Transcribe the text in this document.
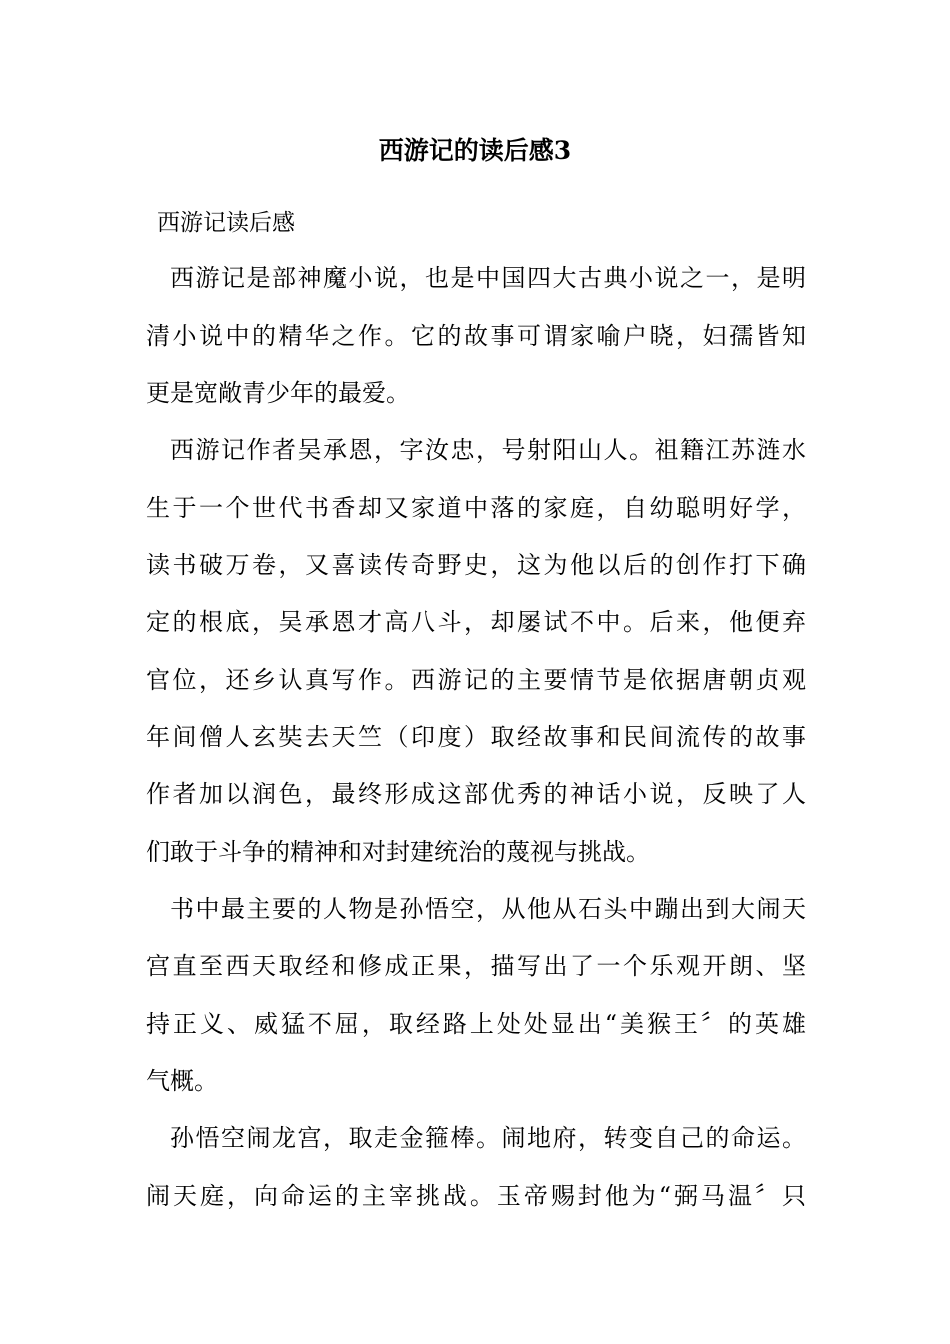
西游记的读后感3
西游记读后感
西游记是部神魔小说，也是中国四大古典小说之一，是明
清小说中的精华之作。它的故事可谓家喻户晓，妇孺皆知
更是宽敞青少年的最爱。
西游记作者吴承恩，字汝忠，号射阳山人。祖籍江苏涟水
生于一个世代书香却又家道中落的家庭，自幼聪明好学，
读书破万卷，又喜读传奇野史，这为他以后的创作打下确
定的根底，吴承恩才高八斗，却屡试不中。后来，他便弃
官位，还乡认真写作。西游记的主要情节是依据唐朝贞观
年间僧人玄奘去天竺（印度）取经故事和民间流传的故事
作者加以润色，最终形成这部优秀的神话小说，反映了人
们敢于斗争的精神和对封建统治的蔑视与挑战。
书中最主要的人物是孙悟空，从他从石头中蹦出到大闹天
宫直至西天取经和修成正果，描写出了一个乐观开朗、坚
持正义、威猛不屈，取经路上处处显出“美猴王〞的英雄
气概。
孙悟空闹龙宫，取走金箍棒。闹地府，转变自己的命运。
闹天庭，向命运的主宰挑战。玉帝赐封他为“弼马温〞只
